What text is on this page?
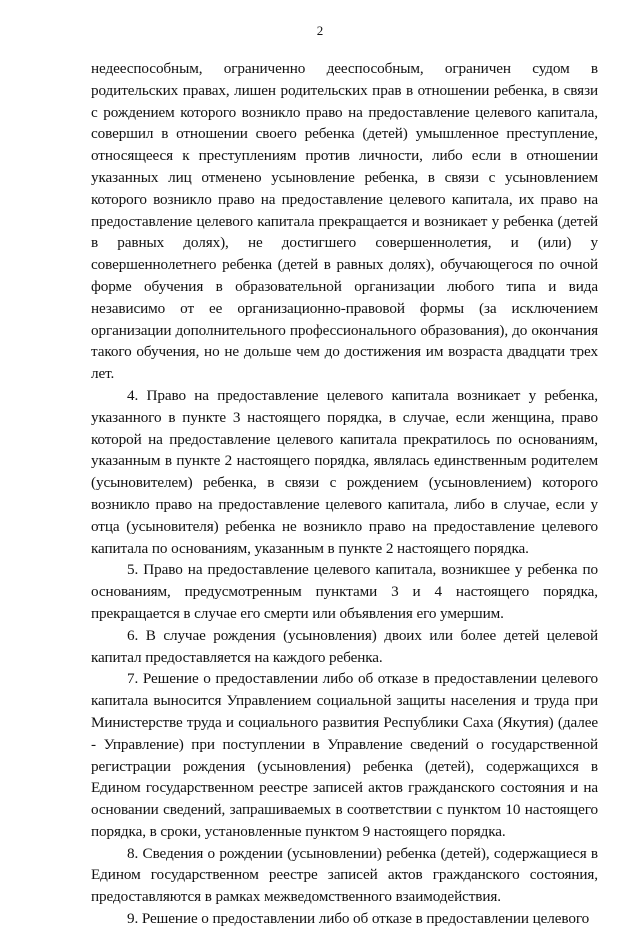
2

недееспособным, ограниченно дееспособным, ограничен судом в родительских правах, лишен родительских прав в отношении ребенка, в связи с рождением которого возникло право на предоставление целевого капитала, совершил в отношении своего ребенка (детей) умышленное преступление, относящееся к преступлениям против личности, либо если в отношении указанных лиц отменено усыновление ребенка, в связи с усыновлением которого возникло право на предоставление целевого капитала, их право на предоставление целевого капитала прекращается и возникает у ребенка (детей в равных долях), не достигшего совершеннолетия, и (или) у совершеннолетнего ребенка (детей в равных долях), обучающегося по очной форме обучения в образовательной организации любого типа и вида независимо от ее организационно-правовой формы (за исключением организации дополнительного профессионального образования), до окончания такого обучения, но не дольше чем до достижения им возраста двадцати трех лет.

4. Право на предоставление целевого капитала возникает у ребенка, указанного в пункте 3 настоящего порядка, в случае, если женщина, право которой на предоставление целевого капитала прекратилось по основаниям, указанным в пункте 2 настоящего порядка, являлась единственным родителем (усыновителем) ребенка, в связи с рождением (усыновлением) которого возникло право на предоставление целевого капитала, либо в случае, если у отца (усыновителя) ребенка не возникло право на предоставление целевого капитала по основаниям, указанным в пункте 2 настоящего порядка.

5. Право на предоставление целевого капитала, возникшее у ребенка по основаниям, предусмотренным пунктами 3 и 4 настоящего порядка, прекращается в случае его смерти или объявления его умершим.

6. В случае рождения (усыновления) двоих или более детей целевой капитал предоставляется на каждого ребенка.

7. Решение о предоставлении либо об отказе в предоставлении целевого капитала выносится Управлением социальной защиты населения и труда при Министерстве труда и социального развития Республики Саха (Якутия) (далее - Управление) при поступлении в Управление сведений о государственной регистрации рождения (усыновления) ребенка (детей), содержащихся в Едином государственном реестре записей актов гражданского состояния и на основании сведений, запрашиваемых в соответствии с пунктом 10 настоящего порядка, в сроки, установленные пунктом 9 настоящего порядка.

8. Сведения о рождении (усыновлении) ребенка (детей), содержащиеся в Едином государственном реестре записей актов гражданского состояния, предоставляются в рамках межведомственного взаимодействия.

9. Решение о предоставлении либо об отказе в предоставлении целевого
